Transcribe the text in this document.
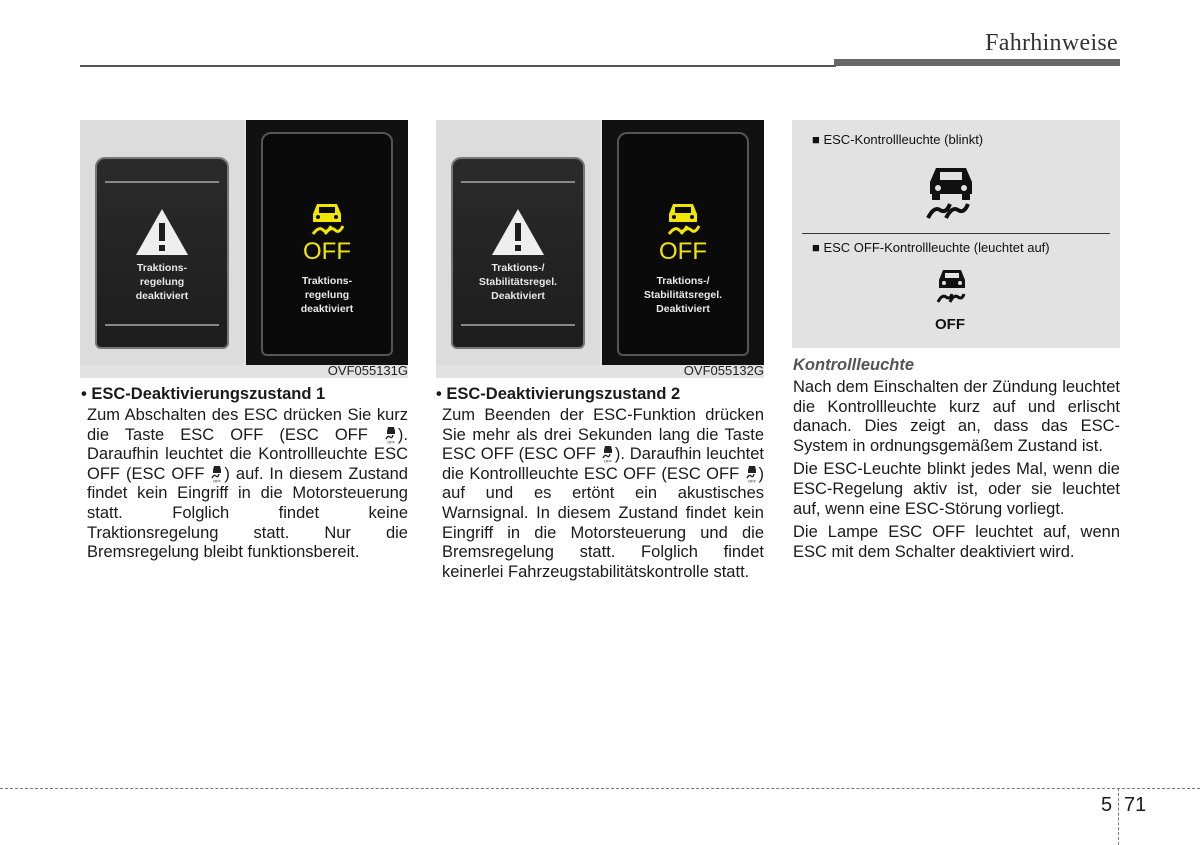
Fahrhinweise
Traktions-
regelung
deaktiviert
OFF
Traktions-
regelung
deaktiviert
OVF055131G
Traktions-/
Stabilitätsregel.
Deaktiviert
OFF
Traktions-/
Stabilitätsregel.
Deaktiviert
OVF055132G
■ ESC-Kontrollleuchte (blinkt)
■ ESC OFF-Kontrollleuchte (leuchtet auf)
OFF
• ESC-Deaktivierungszustand 1

Zum Abschalten des ESC drücken Sie kurz die Taste ESC OFF (ESC OFF	OFF ). Daraufhin leuchtet die Kontrollleuchte ESC OFF (ESC OFF OFF ) auf. In diesem Zustand findet kein Eingriff in die Motorsteuerung statt. Folglich findet keine Traktionsregelung statt. Nur die Bremsregelung bleibt funktionsbereit.

• ESC-Deaktivierungszustand 2

Zum Beenden der ESC-Funktion drücken Sie mehr als drei Sekunden lang die Taste ESC OFF (ESC OFF OFF ). Daraufhin leuchtet die Kontrollleuchte ESC OFF (ESC OFF OFF ) auf und es ertönt ein akustisches Warnsignal. In diesem Zustand findet kein Eingriff in die Motorsteuerung und die Bremsregelung statt. Folglich findet keinerlei Fahrzeugstabilitätskontrolle statt.

Kontrollleuchte

Nach dem Einschalten der Zündung leuchtet die Kontrollleuchte kurz auf und erlischt danach. Dies zeigt an, dass das ESC-System in ordnungsgemäßem Zustand ist.

Die ESC-Leuchte blinkt jedes Mal, wenn die ESC-Regelung aktiv ist, oder sie leuchtet auf, wenn eine ESC-Störung vorliegt.

Die Lampe ESC OFF leuchtet auf, wenn ESC mit dem Schalter deaktiviert wird.

5 71
